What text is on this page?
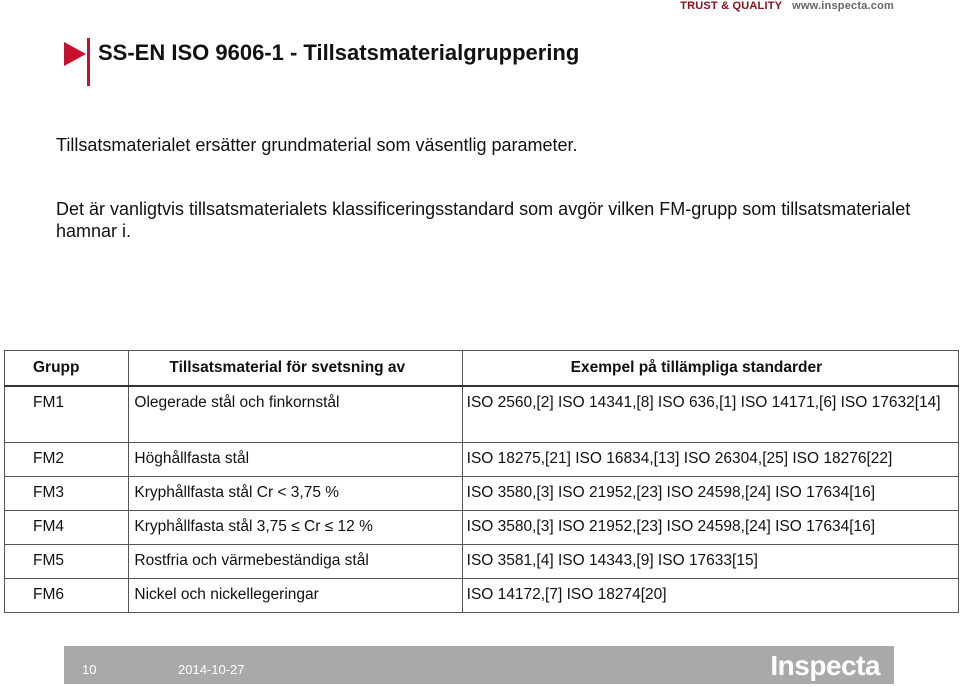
TRUST & QUALITY www.inspecta.com
SS-EN ISO 9606-1 - Tillsatsmaterialgruppering
Tillsatsmaterialet ersätter grundmaterial som väsentlig parameter.
Det är vanligtvis tillsatsmaterialets klassificeringsstandard som avgör vilken FM-grupp som tillsatsmaterialet hamnar i.
Grupp	Tillsatsmaterial för svetsning av	Exempel på tillämpliga standarder
FM1	Olegerade stål och finkornstål	ISO 2560,[2] ISO 14341,[8] ISO 636,[1] ISO 14171,[6] ISO 17632[14]
FM2	Höghållfasta stål	ISO 18275,[21] ISO 16834,[13] ISO 26304,[25] ISO 18276[22]
FM3	Kryphållfasta stål Cr < 3,75 %	ISO 3580,[3] ISO 21952,[23] ISO 24598,[24] ISO 17634[16]
FM4	Kryphållfasta stål 3,75 ≤ Cr ≤ 12 %	ISO 3580,[3] ISO 21952,[23] ISO 24598,[24] ISO 17634[16]
FM5	Rostfria och värmebeständiga stål	ISO 3581,[4] ISO 14343,[9] ISO 17633[15]
FM6	Nickel och nickellegeringar	ISO 14172,[7] ISO 18274[20]
10	2014-10-27	Inspecta
